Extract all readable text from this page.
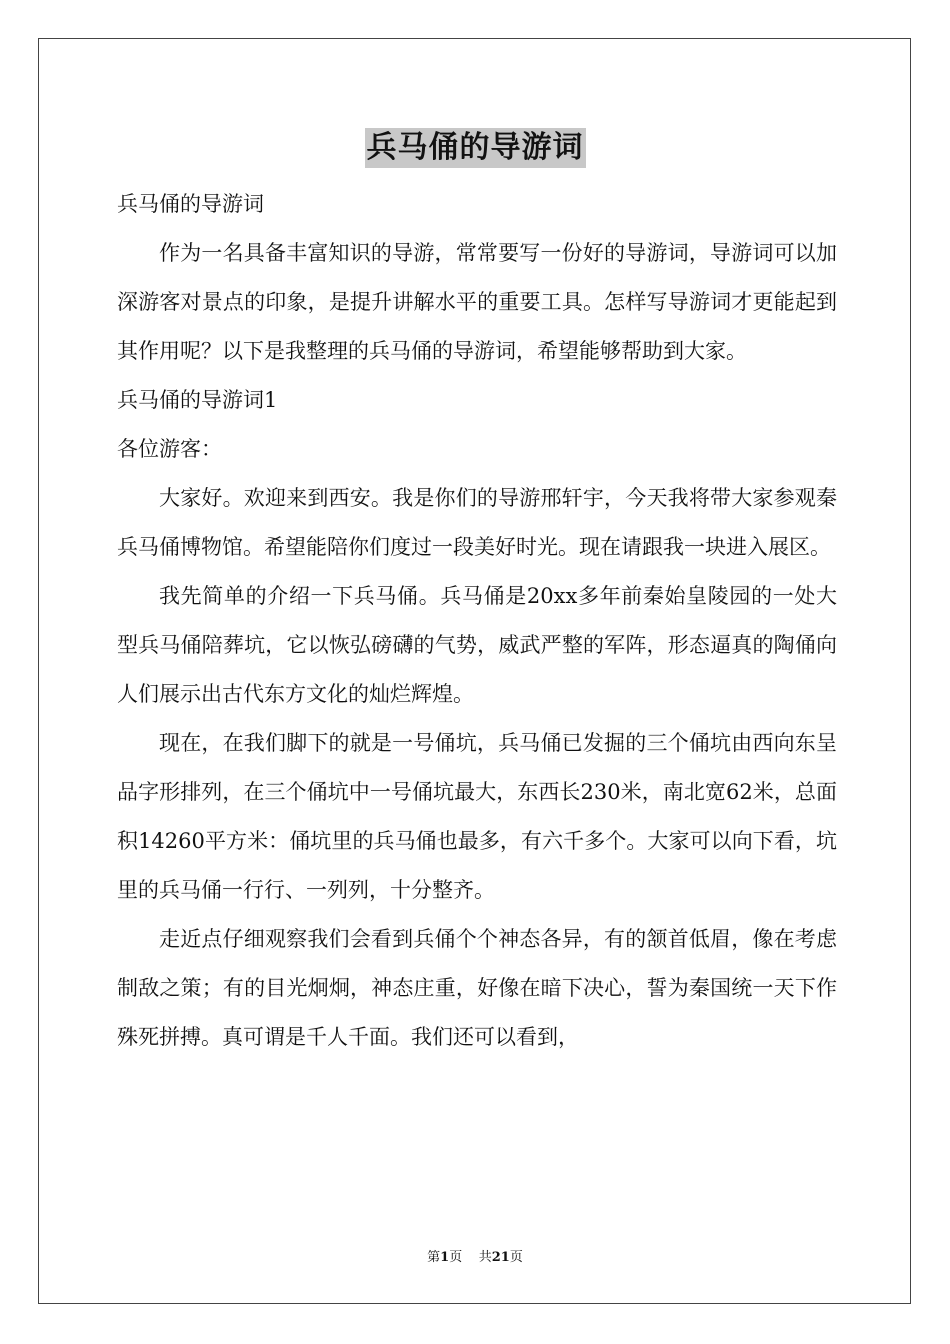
兵马俑的导游词

兵马俑的导游词

作为一名具备丰富知识的导游，常常要写一份好的导游词，导游词可以加深游客对景点的印象，是提升讲解水平的重要工具。怎样写导游词才更能起到其作用呢？以下是我整理的兵马俑的导游词，希望能够帮助到大家。

兵马俑的导游词1

各位游客：

大家好。欢迎来到西安。我是你们的导游邢轩宇，今天我将带大家参观秦兵马俑博物馆。希望能陪你们度过一段美好时光。现在请跟我一块进入展区。

我先简单的介绍一下兵马俑。兵马俑是20xx多年前秦始皇陵园的一处大型兵马俑陪葬坑，它以恢弘磅礴的气势，威武严整的军阵，形态逼真的陶俑向人们展示出古代东方文化的灿烂辉煌。

现在，在我们脚下的就是一号俑坑，兵马俑已发掘的三个俑坑由西向东呈品字形排列，在三个俑坑中一号俑坑最大，东西长230米，南北宽62米，总面积14260平方米：俑坑里的兵马俑也最多，有六千多个。大家可以向下看，坑里的兵马俑一行行、一列列，十分整齐。

走近点仔细观察我们会看到兵俑个个神态各异，有的颔首低眉，像在考虑制敌之策；有的目光炯炯，神态庄重，好像在暗下决心，誓为秦国统一天下作殊死拼搏。真可谓是千人千面。我们还可以看到，

第1页    共21页
